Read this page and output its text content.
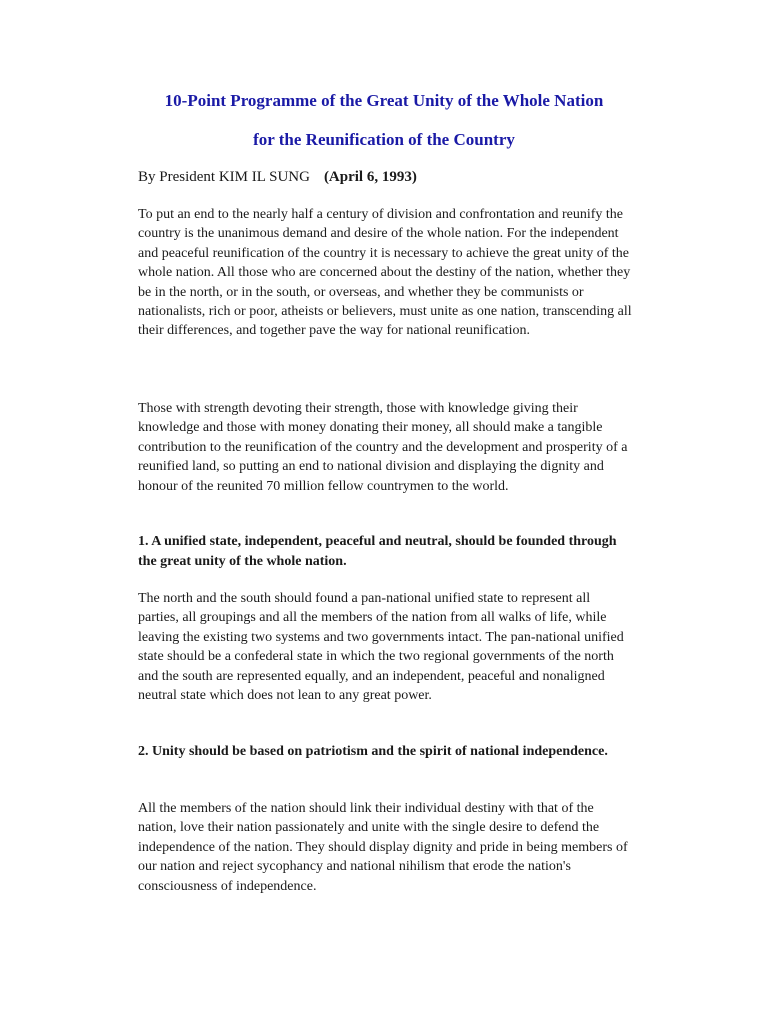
10-Point Programme of the Great Unity of the Whole Nation
for the Reunification of the Country
By President KIM IL SUNG (April 6, 1993)

To put an end to the nearly half a century of division and confrontation and reunify the country is the unanimous demand and desire of the whole nation. For the independent and peaceful reunification of the country it is necessary to achieve the great unity of the whole nation. All those who are concerned about the destiny of the nation, whether they be in the north, or in the south, or overseas, and whether they be communists or nationalists, rich or poor, atheists or believers, must unite as one nation, transcending all their differences, and together pave the way for national reunification.

Those with strength devoting their strength, those with knowledge giving their knowledge and those with money donating their money, all should make a tangible contribution to the reunification of the country and the development and prosperity of a reunified land, so putting an end to national division and displaying the dignity and honour of the reunited 70 million fellow countrymen to the world.

1. A unified state, independent, peaceful and neutral, should be founded through the great unity of the whole nation.

The north and the south should found a pan-national unified state to represent all parties, all groupings and all the members of the nation from all walks of life, while leaving the existing two systems and two governments intact. The pan-national unified state should be a confederal state in which the two regional governments of the north and the south are represented equally, and an independent, peaceful and nonaligned neutral state which does not lean to any great power.

2. Unity should be based on patriotism and the spirit of national independence.

All the members of the nation should link their individual destiny with that of the nation, love their nation passionately and unite with the single desire to defend the independence of the nation. They should display dignity and pride in being members of our nation and reject sycophancy and national nihilism that erode the nation's consciousness of independence.
